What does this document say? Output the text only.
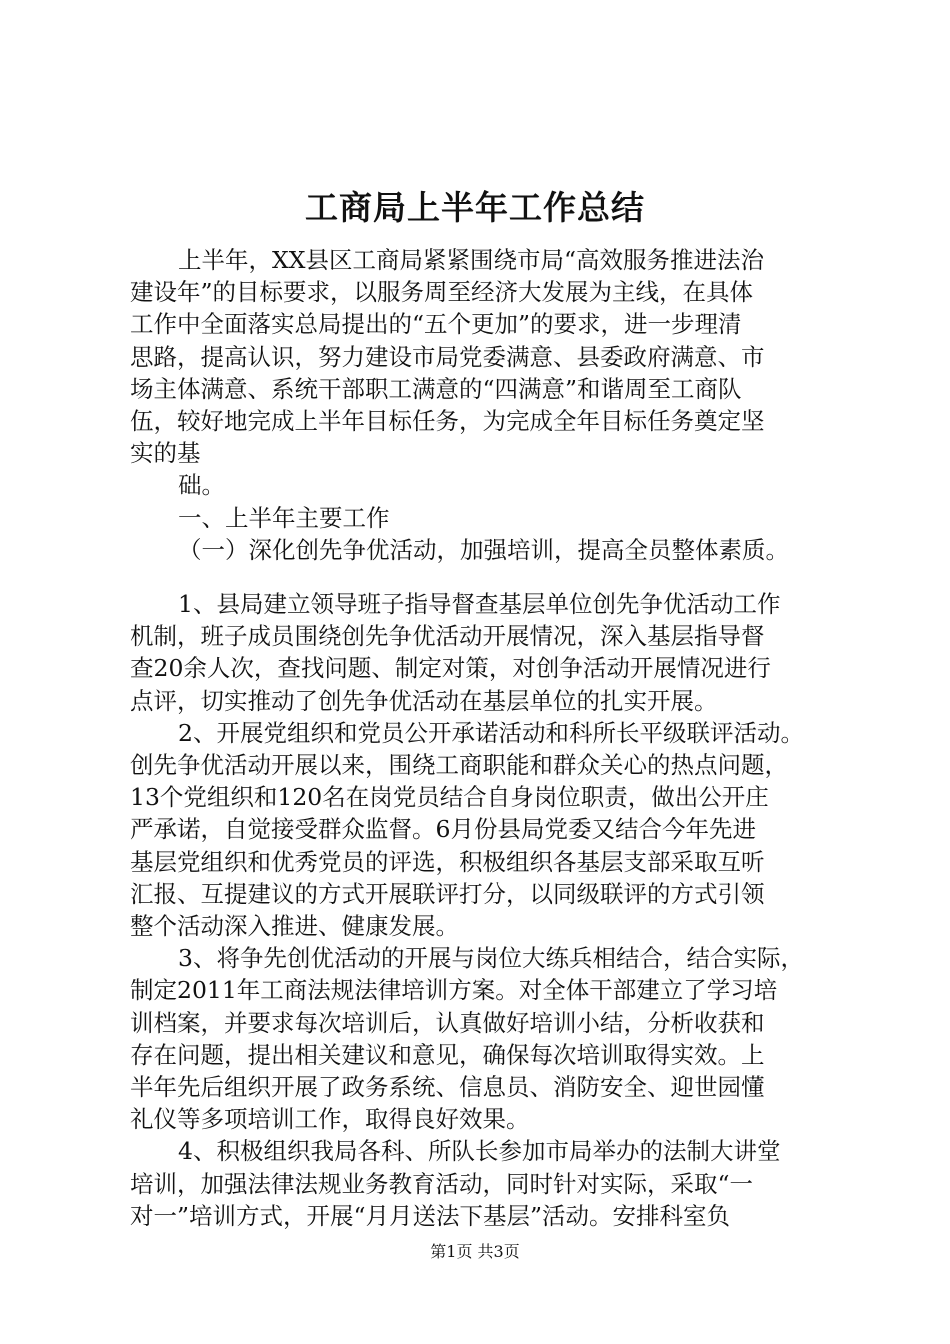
工商局上半年工作总结

上半年，XX县区工商局紧紧围绕市局“高效服务推进法治

建设年”的目标要求，以服务周至经济大发展为主线，在具体

工作中全面落实总局提出的“五个更加”的要求，进一步理清

思路，提高认识，努力建设市局党委满意、县委政府满意、市

场主体满意、系统干部职工满意的“四满意”和谐周至工商队

伍，较好地完成上半年目标任务，为完成全年目标任务奠定坚

实的基

础。

一、上半年主要工作

（一）深化创先争优活动，加强培训，提高全员整体素质。

1、县局建立领导班子指导督查基层单位创先争优活动工作

机制，班子成员围绕创先争优活动开展情况，深入基层指导督

查20余人次，查找问题、制定对策，对创争活动开展情况进行

点评，切实推动了创先争优活动在基层单位的扎实开展。

2、开展党组织和党员公开承诺活动和科所长平级联评活动。

创先争优活动开展以来，围绕工商职能和群众关心的热点问题，

13个党组织和120名在岗党员结合自身岗位职责，做出公开庄

严承诺，自觉接受群众监督。6月份县局党委又结合今年先进

基层党组织和优秀党员的评选，积极组织各基层支部采取互听

汇报、互提建议的方式开展联评打分，以同级联评的方式引领

整个活动深入推进、健康发展。

3、将争先创优活动的开展与岗位大练兵相结合，结合实际，

制定2011年工商法规法律培训方案。对全体干部建立了学习培

训档案，并要求每次培训后，认真做好培训小结，分析收获和

存在问题，提出相关建议和意见，确保每次培训取得实效。上

半年先后组织开展了政务系统、信息员、消防安全、迎世园懂

礼仪等多项培训工作，取得良好效果。

4、积极组织我局各科、所队长参加市局举办的法制大讲堂

培训，加强法律法规业务教育活动，同时针对实际，采取“一

对一”培训方式，开展“月月送法下基层”活动。安排科室负

第1页 共3页
